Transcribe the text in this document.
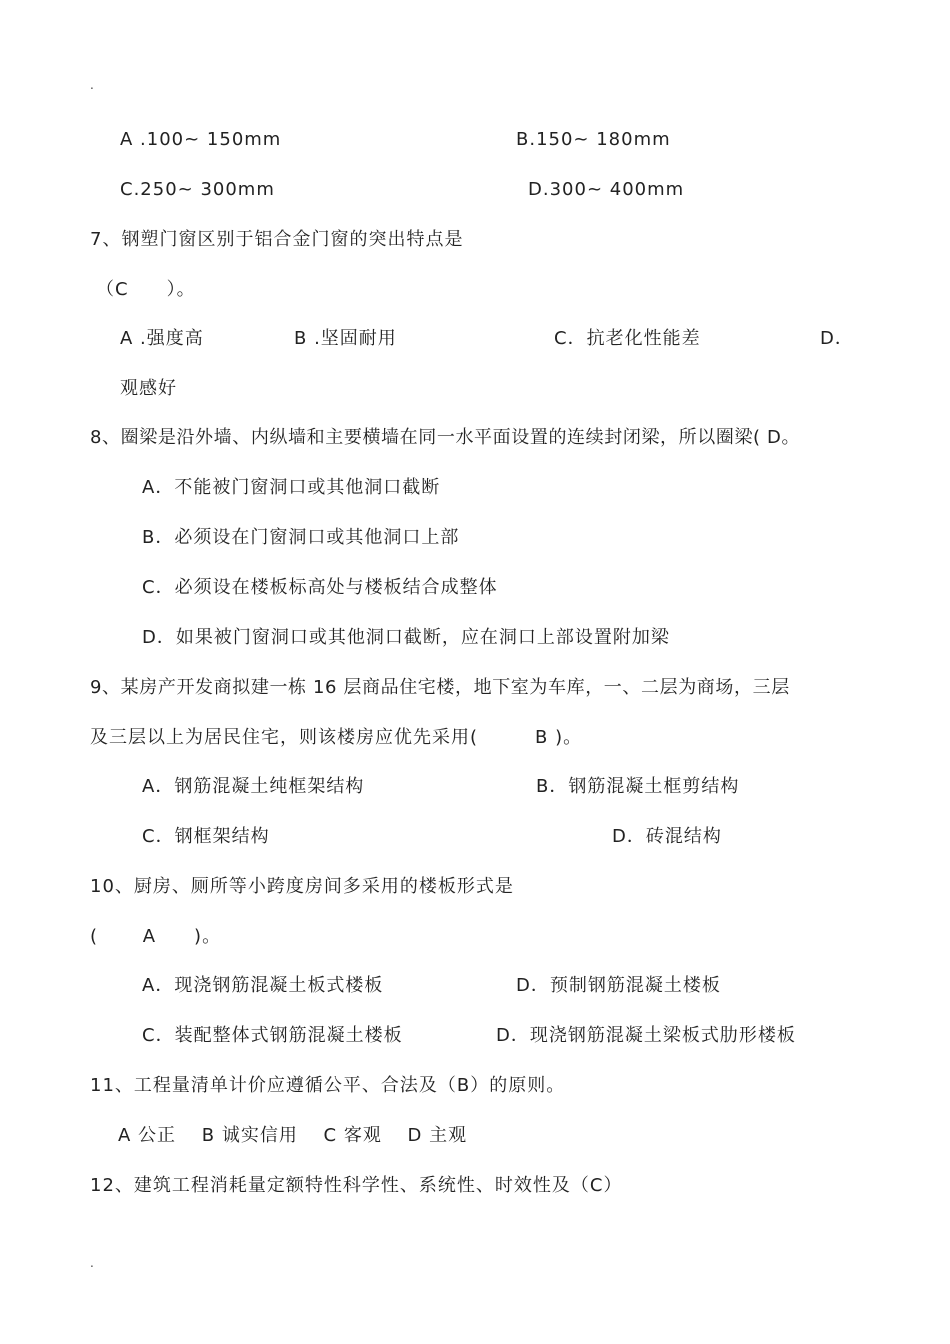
.
A .100~ 150mm	B.150~ 180mm
C.250~ 300mm	D.300~ 400mm
7、钢塑门窗区别于铝合金门窗的突出特点是
（C　　）。
A .强度高	B .坚固耐用	C．抗老化性能差	D．
观感好
8、圈梁是沿外墙、内纵墙和主要横墙在同一水平面设置的连续封闭梁，所以圈梁( D。
A．不能被门窗洞口或其他洞口截断
B．必须设在门窗洞口或其他洞口上部
C．必须设在楼板标高处与楼板结合成整体
D．如果被门窗洞口或其他洞口截断，应在洞口上部设置附加梁
9、某房产开发商拟建一栋 16 层商品住宅楼，地下室为车库，一、二层为商场，三层
及三层以上为居民住宅，则该楼房应优先采用(　　　B )。
A．钢筋混凝土纯框架结构	B．钢筋混凝土框剪结构
C．钢框架结构	D．砖混结构
10、厨房、厕所等小跨度房间多采用的楼板形式是
(　　 A　　)。
A．现浇钢筋混凝土板式楼板	D．预制钢筋混凝土楼板
C．装配整体式钢筋混凝土楼板	D．现浇钢筋混凝土梁板式肋形楼板
11、工程量清单计价应遵循公平、合法及（B）的原则。
A 公正　 B 诚实信用　 C 客观　 D 主观
12、建筑工程消耗量定额特性科学性、系统性、时效性及（C）
.
